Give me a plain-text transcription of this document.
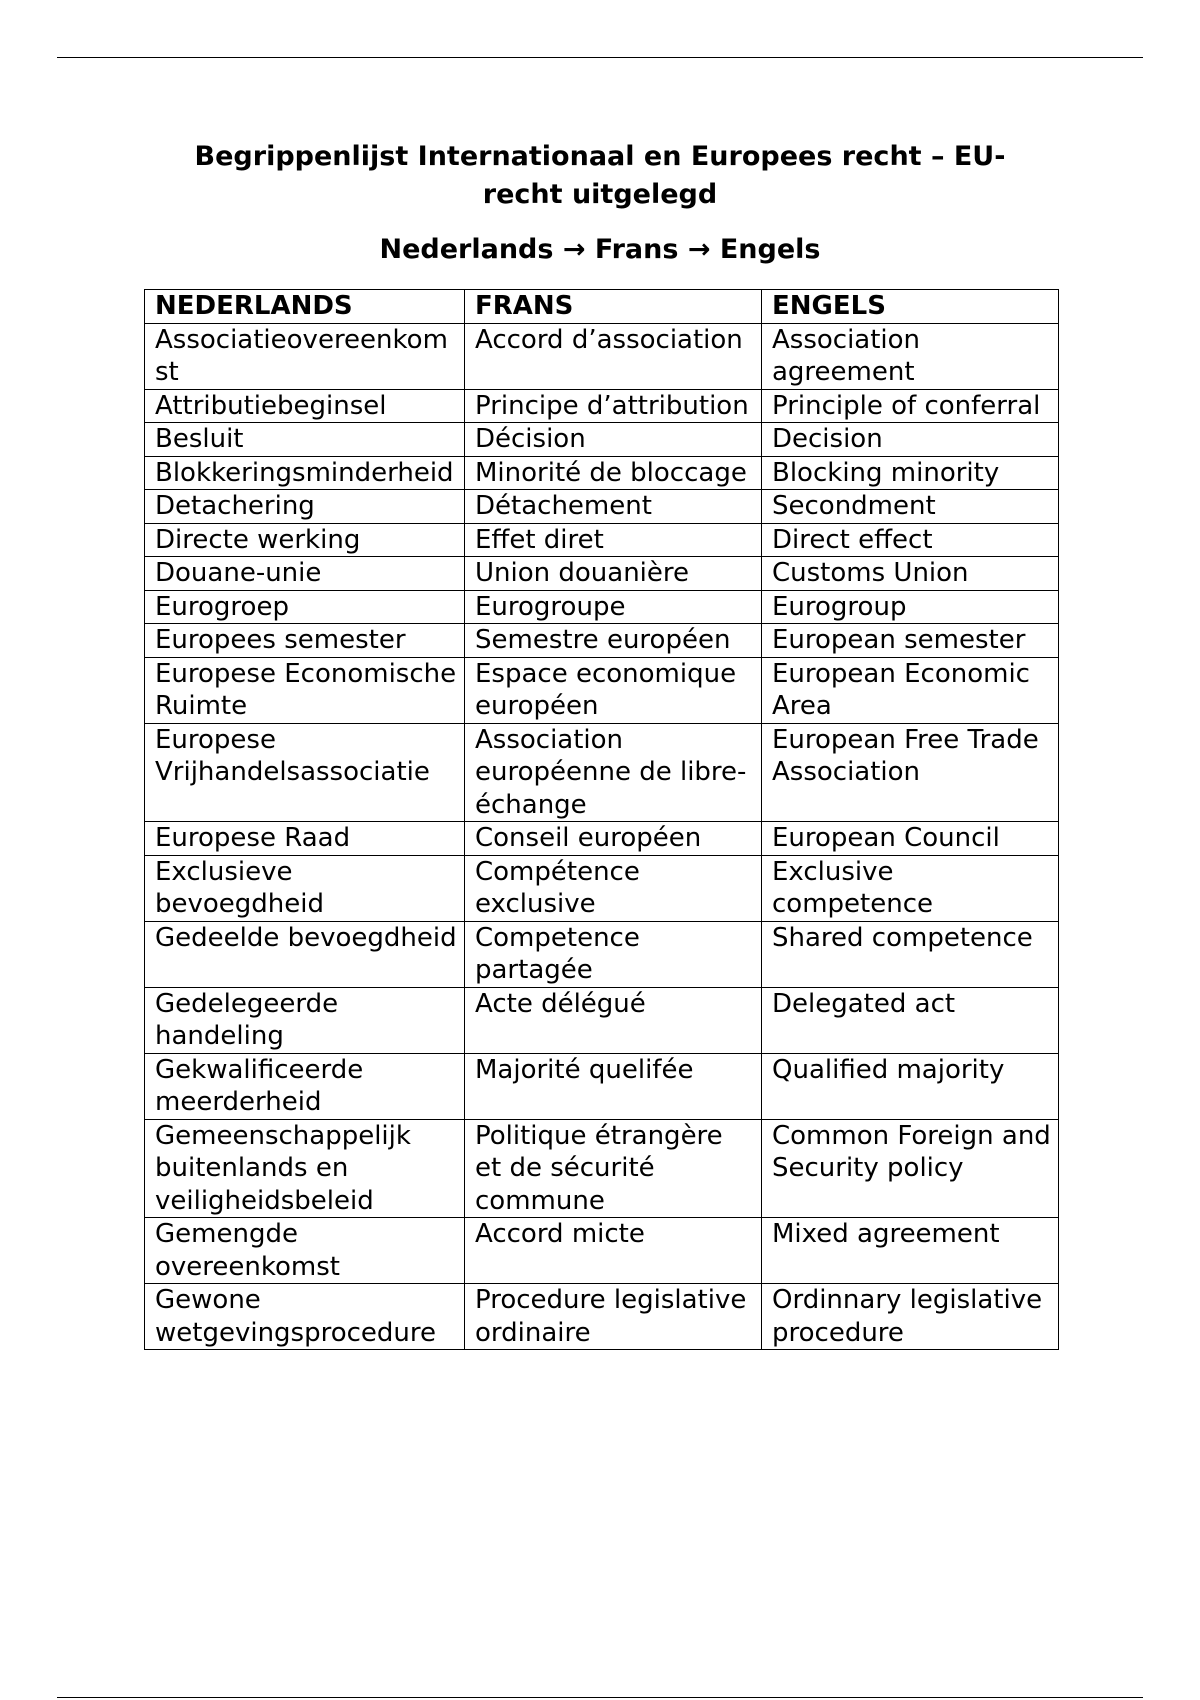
Begrippenlijst Internationaal en Europees recht – EU-recht uitgelegd
Nederlands → Frans → Engels
NEDERLANDS	FRANS	ENGELS
Associatieovereenkomst	Accord d’association	Association agreement
Attributiebeginsel	Principe d’attribution	Principle of conferral
Besluit	Décision	Decision
Blokkeringsminderheid	Minorité de bloccage	Blocking minority
Detachering	Détachement	Secondment
Directe werking	Effet diret	Direct effect
Douane-unie	Union douanière	Customs Union
Eurogroep	Eurogroupe	Eurogroup
Europees semester	Semestre européen	European semester
Europese Economische Ruimte	Espace economique européen	European Economic Area
Europese Vrijhandelsassociatie	Association européenne de libre-échange	European Free Trade Association
Europese Raad	Conseil européen	European Council
Exclusieve bevoegdheid	Compétence exclusive	Exclusive competence
Gedeelde bevoegdheid	Competence partagée	Shared competence
Gedelegeerde handeling	Acte délégué	Delegated act
Gekwalificeerde meerderheid	Majorité quelifée	Qualified majority
Gemeenschappelijk buitenlands en veiligheidsbeleid	Politique étrangère et de sécurité commune	Common Foreign and Security policy
Gemengde overeenkomst	Accord micte	Mixed agreement
Gewone wetgevingsprocedure	Procedure legislative ordinaire	Ordinnary legislative procedure
